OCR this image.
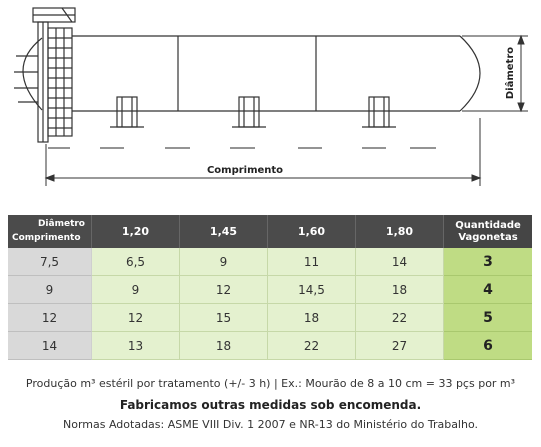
Comprimento
Diâmetro
Diâmetro
Comprimento	1,20	1,45	1,60	1,80	Quantidade
Vagonetas
7,5	6,5	9	11	14	3
9	9	12	14,5	18	4
12	12	15	18	22	5
14	13	18	22	27	6
Produção m³ estéril por tratamento (+/- 3 h) | Ex.: Mourão de 8 a 10 cm = 33 pçs por m³
Fabricamos outras medidas sob encomenda.
Normas Adotadas: ASME VIII Div. 1 2007 e NR-13 do Ministério do Trabalho.
